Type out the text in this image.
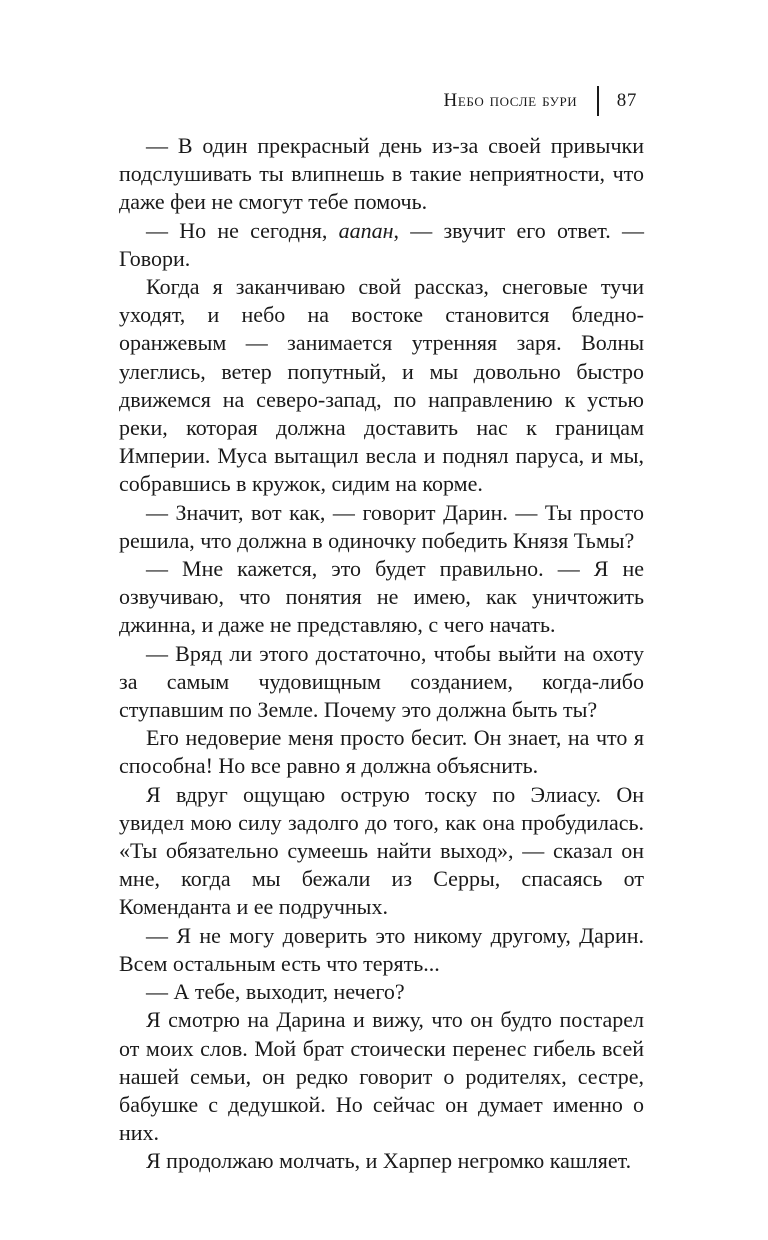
Небо после бури 87

— В один прекрасный день из-за своей привычки подслушивать ты влипнешь в такие неприятности, что даже феи не смогут тебе помочь.

— Но не сегодня, аапан, — звучит его ответ. — Говори.

Когда я заканчиваю свой рассказ, снеговые тучи уходят, и небо на востоке становится бледно-оранжевым — занимается утренняя заря. Волны улеглись, ветер попутный, и мы довольно быстро движемся на северо-запад, по направлению к устью реки, которая должна доставить нас к границам Империи. Муса вытащил весла и поднял паруса, и мы, собравшись в кружок, сидим на корме.

— Значит, вот как, — говорит Дарин. — Ты просто решила, что должна в одиночку победить Князя Тьмы?

— Мне кажется, это будет правильно. — Я не озвучиваю, что понятия не имею, как уничтожить джинна, и даже не представляю, с чего начать.

— Вряд ли этого достаточно, чтобы выйти на охоту за самым чудовищным созданием, когда-либо ступавшим по Земле. Почему это должна быть ты?

Его недоверие меня просто бесит. Он знает, на что я способна! Но все равно я должна объяснить.

Я вдруг ощущаю острую тоску по Элиасу. Он увидел мою силу задолго до того, как она пробудилась. «Ты обязательно сумеешь найти выход», — сказал он мне, когда мы бежали из Серры, спасаясь от Коменданта и ее подручных.

— Я не могу доверить это никому другому, Дарин. Всем остальным есть что терять...

— А тебе, выходит, нечего?

Я смотрю на Дарина и вижу, что он будто постарел от моих слов. Мой брат стоически перенес гибель всей нашей семьи, он редко говорит о родителях, сестре, бабушке с дедушкой. Но сейчас он думает именно о них.

Я продолжаю молчать, и Харпер негромко кашляет.
